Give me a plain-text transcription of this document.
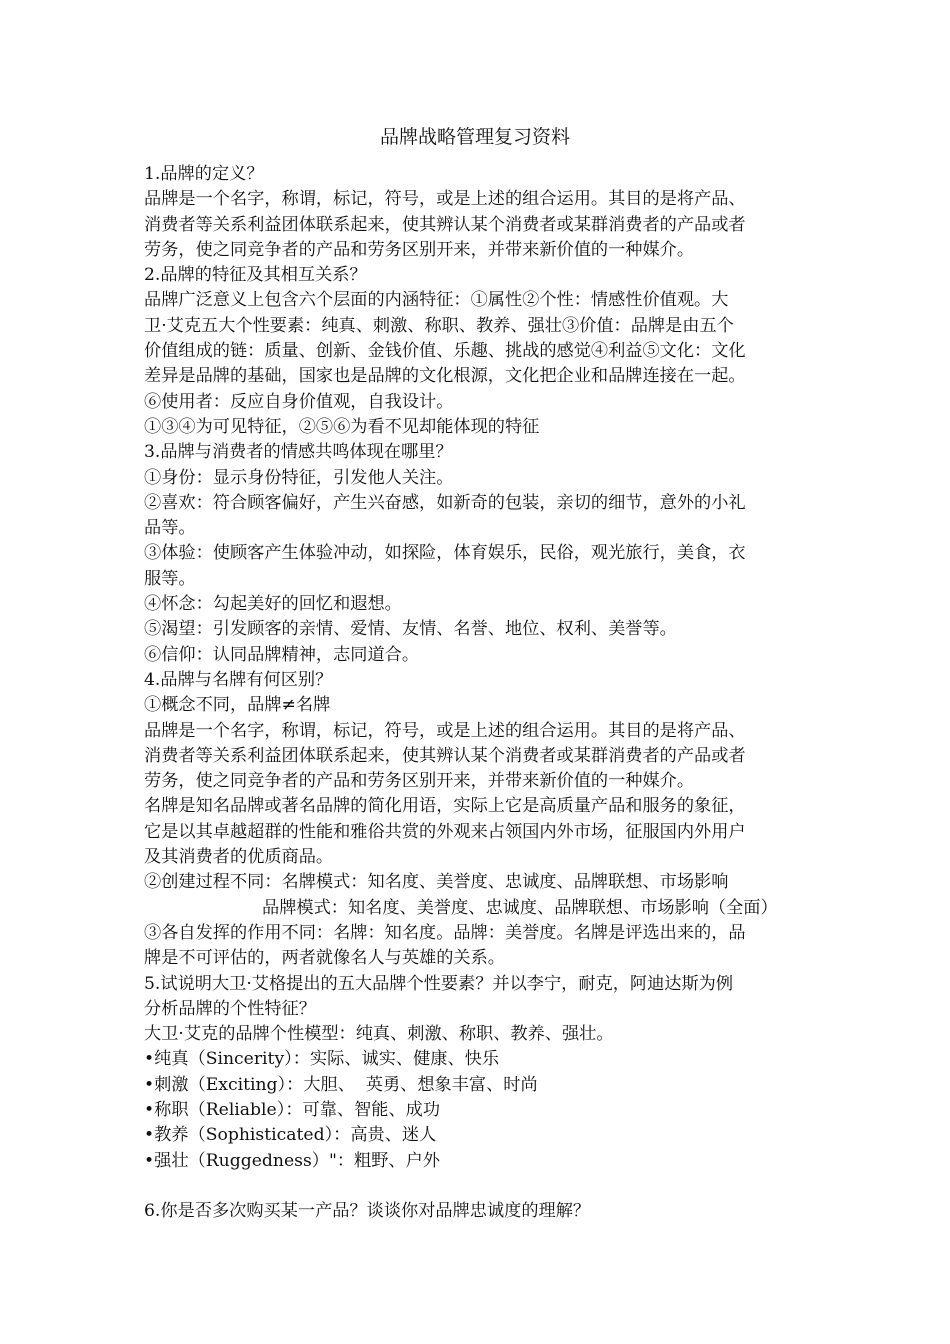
品牌战略管理复习资料

1.品牌的定义？

品牌是一个名字，称谓，标记，符号，或是上述的组合运用。其目的是将产品、

消费者等关系利益团体联系起来，使其辨认某个消费者或某群消费者的产品或者

劳务，使之同竞争者的产品和劳务区别开来，并带来新价值的一种媒介。

2.品牌的特征及其相互关系？

品牌广泛意义上包含六个层面的内涵特征：①属性②个性：情感性价值观。大

卫·艾克五大个性要素：纯真、刺激、称职、教养、强壮③价值：品牌是由五个

价值组成的链：质量、创新、金钱价值、乐趣、挑战的感觉④利益⑤文化：文化

差异是品牌的基础，国家也是品牌的文化根源，文化把企业和品牌连接在一起。

⑥使用者：反应自身价值观，自我设计。

①③④为可见特征，②⑤⑥为看不见却能体现的特征

3.品牌与消费者的情感共鸣体现在哪里？

①身份：显示身份特征，引发他人关注。

②喜欢：符合顾客偏好，产生兴奋感，如新奇的包装，亲切的细节，意外的小礼

品等。

③体验：使顾客产生体验冲动，如探险，体育娱乐，民俗，观光旅行，美食，衣

服等。

④怀念：勾起美好的回忆和遐想。

⑤渴望：引发顾客的亲情、爱情、友情、名誉、地位、权利、美誉等。

⑥信仰：认同品牌精神，志同道合。

4.品牌与名牌有何区别？

①概念不同，品牌≠名牌

品牌是一个名字，称谓，标记，符号，或是上述的组合运用。其目的是将产品、

消费者等关系利益团体联系起来，使其辨认某个消费者或某群消费者的产品或者

劳务，使之同竞争者的产品和劳务区别开来，并带来新价值的一种媒介。

名牌是知名品牌或著名品牌的简化用语，实际上它是高质量产品和服务的象征，

它是以其卓越超群的性能和雅俗共赏的外观来占领国内外市场，征服国内外用户

及其消费者的优质商品。

②创建过程不同：名牌模式：知名度、美誉度、忠诚度、品牌联想、市场影响

品牌模式：知名度、美誉度、忠诚度、品牌联想、市场影响（全面）

③各自发挥的作用不同：名牌：知名度。品牌：美誉度。名牌是评选出来的，品

牌是不可评估的，两者就像名人与英雄的关系。

5.试说明大卫·艾格提出的五大品牌个性要素？并以李宁，耐克，阿迪达斯为例

分析品牌的个性特征？

大卫·艾克的品牌个性模型：纯真、刺激、称职、教养、强壮。

•纯真（Sincerity）：实际、诚实、健康、快乐

•刺激（Exciting）：大胆、  英勇、想象丰富、时尚

•称职（Reliable）：可靠、智能、成功

•教养（Sophisticated）：高贵、迷人

•强壮（Ruggedness）"：粗野、户外

6.你是否多次购买某一产品？谈谈你对品牌忠诚度的理解？
